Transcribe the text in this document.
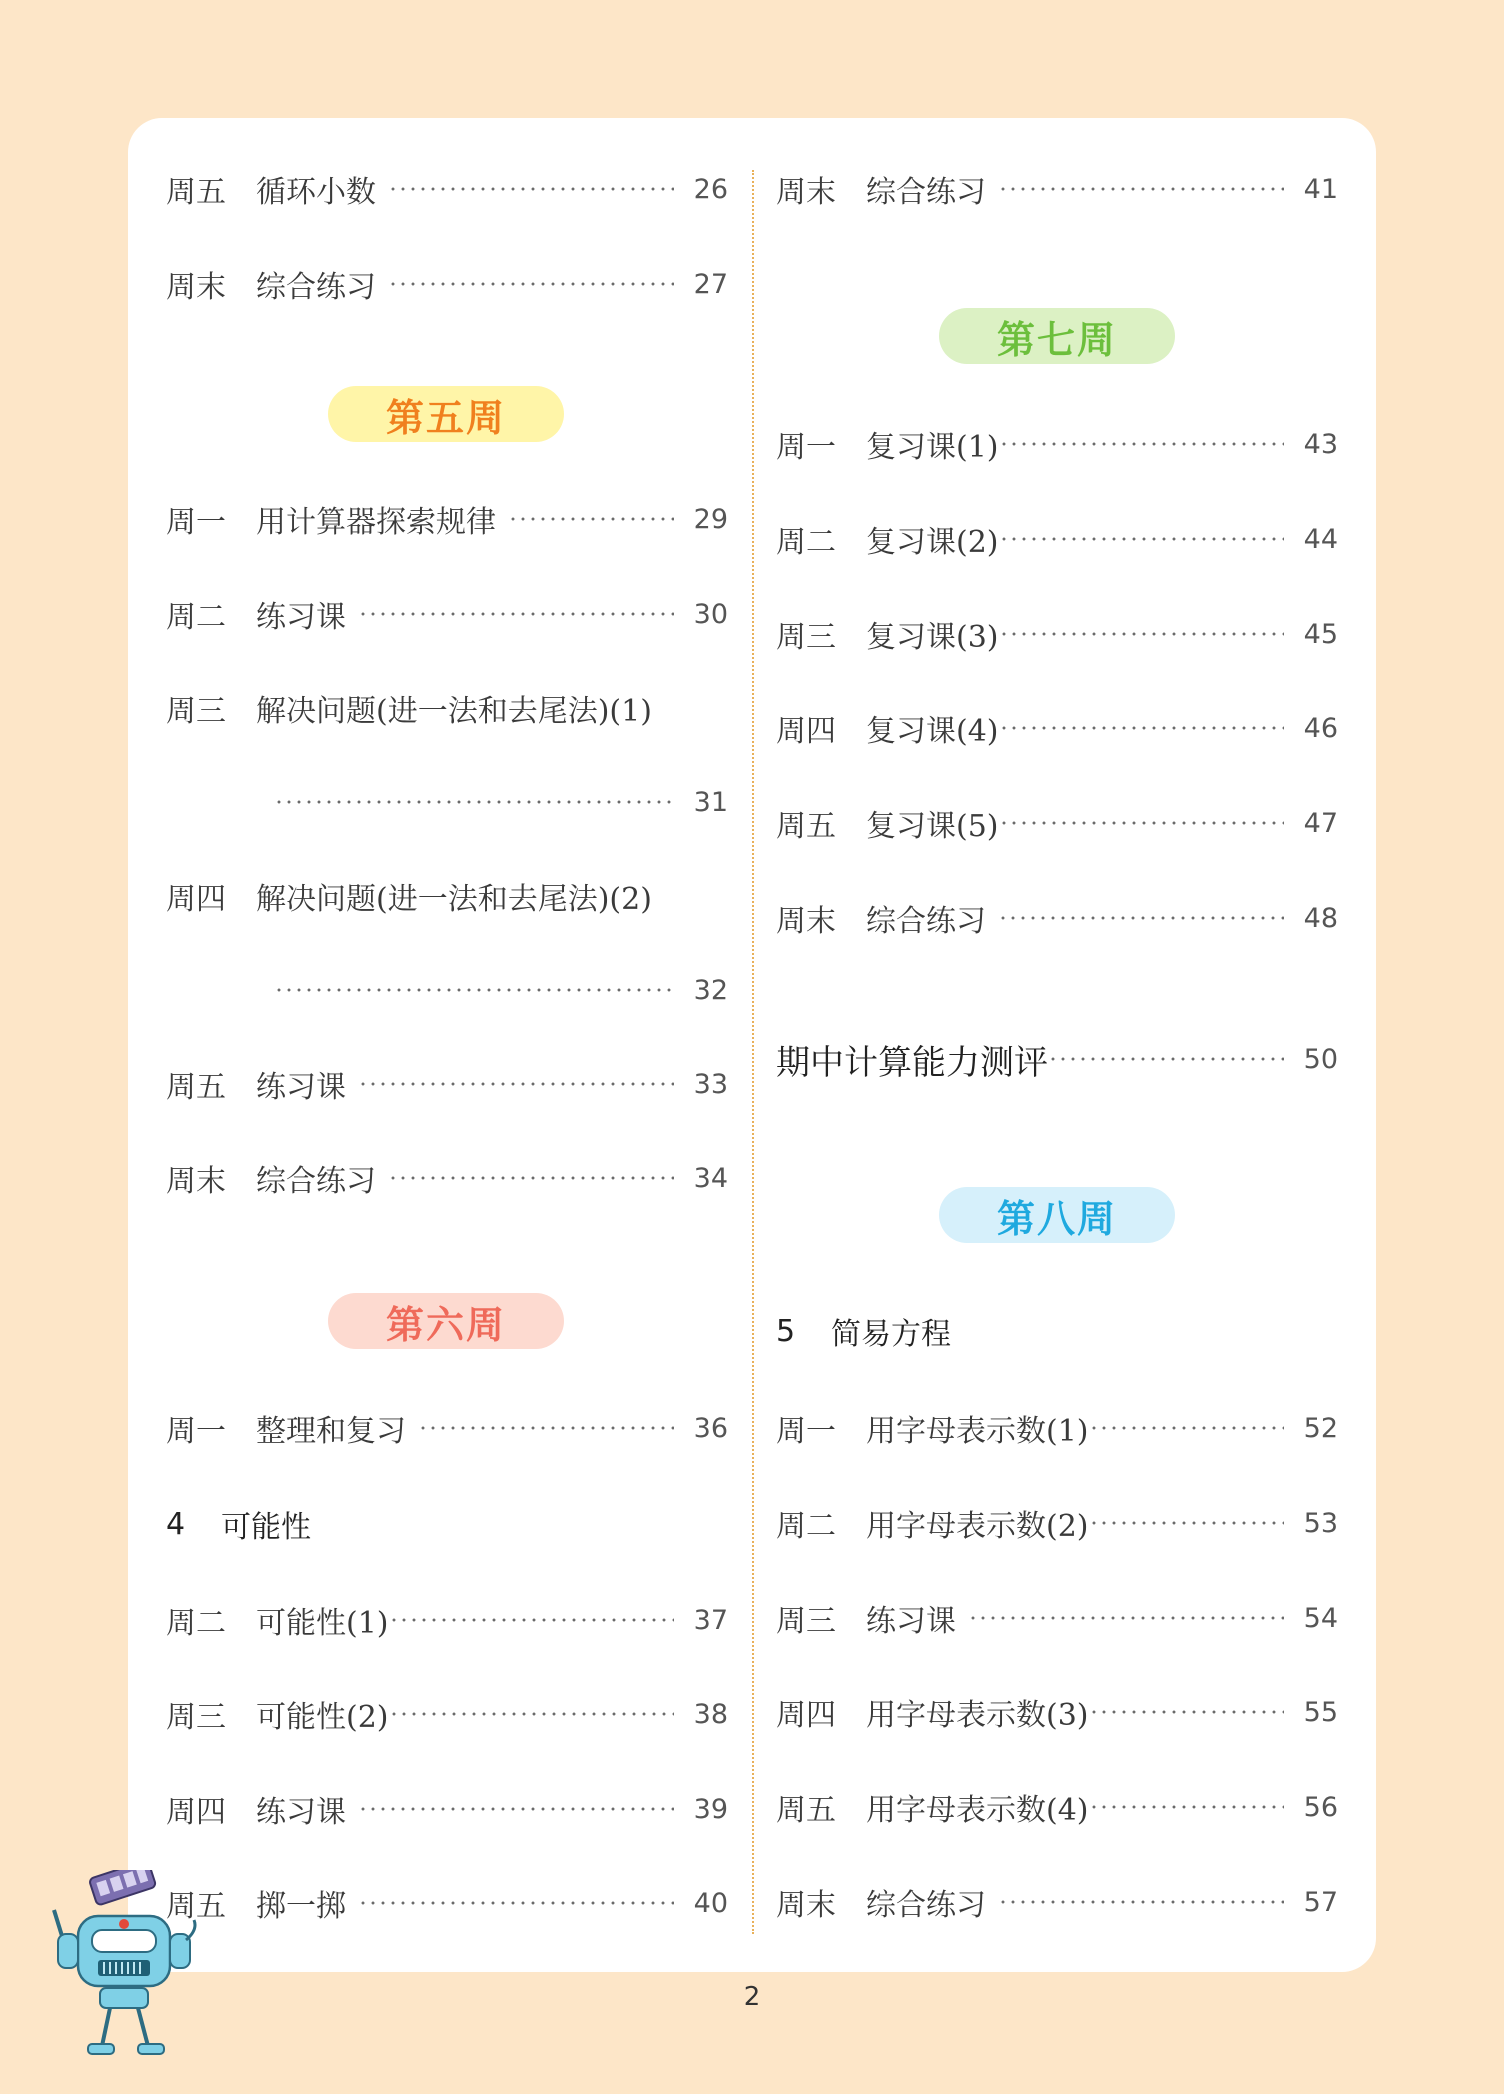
周五	循环小数	26
周末	综合练习	27
第五周
周一	用计算器探索规律	29
周二	练习课	30
周三	解决问题(进一法和去尾法)(1)
31
周四	解决问题(进一法和去尾法)(2)
32
周五	练习课	33
周末	综合练习	34
第六周
周一	整理和复习	36
4	可能性
周二	可能性(1)	37
周三	可能性(2)	38
周四	练习课	39
周五	掷一掷	40
周末	综合练习	41
第七周
周一	复习课(1)	43
周二	复习课(2)	44
周三	复习课(3)	45
周四	复习课(4)	46
周五	复习课(5)	47
周末	综合练习	48
期中计算能力测评	50
第八周
5	简易方程
周一	用字母表示数(1)	52
周二	用字母表示数(2)	53
周三	练习课	54
周四	用字母表示数(3)	55
周五	用字母表示数(4)	56
周末	综合练习	57
2
